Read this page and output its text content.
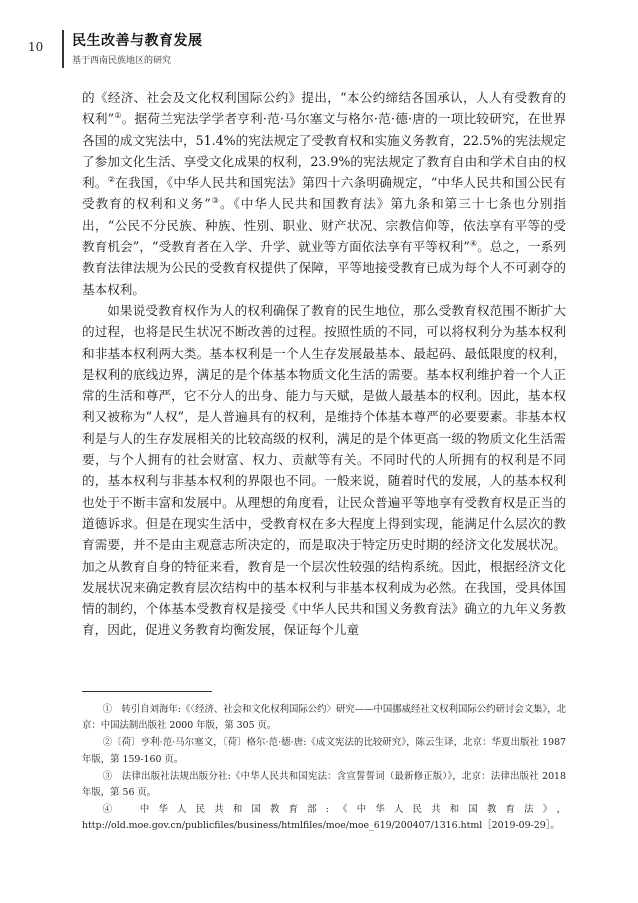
10 民生改善与教育发展
基于西南民族地区的研究

的《经济、社会及文化权利国际公约》提出，“本公约缔结各国承认，人人有受教育的权利”①。据荷兰宪法学学者亨利·范·马尔塞文与格尔·范·德·唐的一项比较研究，在世界各国的成文宪法中，51.4%的宪法规定了受教育权和实施义务教育，22.5%的宪法规定了参加文化生活、享受文化成果的权利，23.9%的宪法规定了教育自由和学术自由的权利。②在我国，《中华人民共和国宪法》第四十六条明确规定，“中华人民共和国公民有受教育的权利和义务”③。《中华人民共和国教育法》第九条和第三十七条也分别指出，“公民不分民族、种族、性别、职业、财产状况、宗教信仰等，依法享有平等的受教育机会”，“受教育者在入学、升学、就业等方面依法享有平等权利”④。总之，一系列教育法律法规为公民的受教育权提供了保障，平等地接受教育已成为每个人不可剥夺的基本权利。

如果说受教育权作为人的权利确保了教育的民生地位，那么受教育权范围不断扩大的过程，也将是民生状况不断改善的过程。按照性质的不同，可以将权利分为基本权利和非基本权利两大类。基本权利是一个人生存发展最基本、最起码、最低限度的权利，是权利的底线边界，满足的是个体基本物质文化生活的需要。基本权利维护着一个人正常的生活和尊严，它不分人的出身、能力与天赋，是做人最基本的权利。因此，基本权利又被称为“人权”，是人普遍具有的权利，是维持个体基本尊严的必要要素。非基本权利是与人的生存发展相关的比较高级的权利，满足的是个体更高一级的物质文化生活需要，与个人拥有的社会财富、权力、贡献等有关。不同时代的人所拥有的权利是不同的，基本权利与非基本权利的界限也不同。一般来说，随着时代的发展，人的基本权利也处于不断丰富和发展中。从理想的角度看，让民众普遍平等地享有受教育权是正当的道德诉求。但是在现实生活中，受教育权在多大程度上得到实现，能满足什么层次的教育需要，并不是由主观意志所决定的，而是取决于特定历史时期的经济文化发展状况。加之从教育自身的特征来看，教育是一个层次性较强的结构系统。因此，根据经济文化发展状况来确定教育层次结构中的基本权利与非基本权利成为必然。在我国，受具体国情的制约，个体基本受教育权是接受《中华人民共和国义务教育法》确立的九年义务教育，因此，促进义务教育均衡发展，保证每个儿童

①　转引自刘海年:《〈经济、社会和文化权利国际公约〉研究——中国挪威经社文权利国际公约研讨会文集》，北京：中国法制出版社 2000 年版，第 305 页。

②〔荷〕亨利·范·马尔塞文，〔荷〕格尔·范·德·唐:《成文宪法的比较研究》，陈云生译，北京：华夏出版社 1987 年版，第 159-160 页。

③　法律出版社法规出版分社:《中华人民共和国宪法：含宣誓誓词（最新修正版）》，北京：法律出版社 2018 年版，第 56 页。

④　中华人民共和国教育部:《中华人民共和国教育法》，http://old.moe.gov.cn/publicfiles/business/htmlfiles/moe/moe_619/200407/1316.html［2019-09-29］。
